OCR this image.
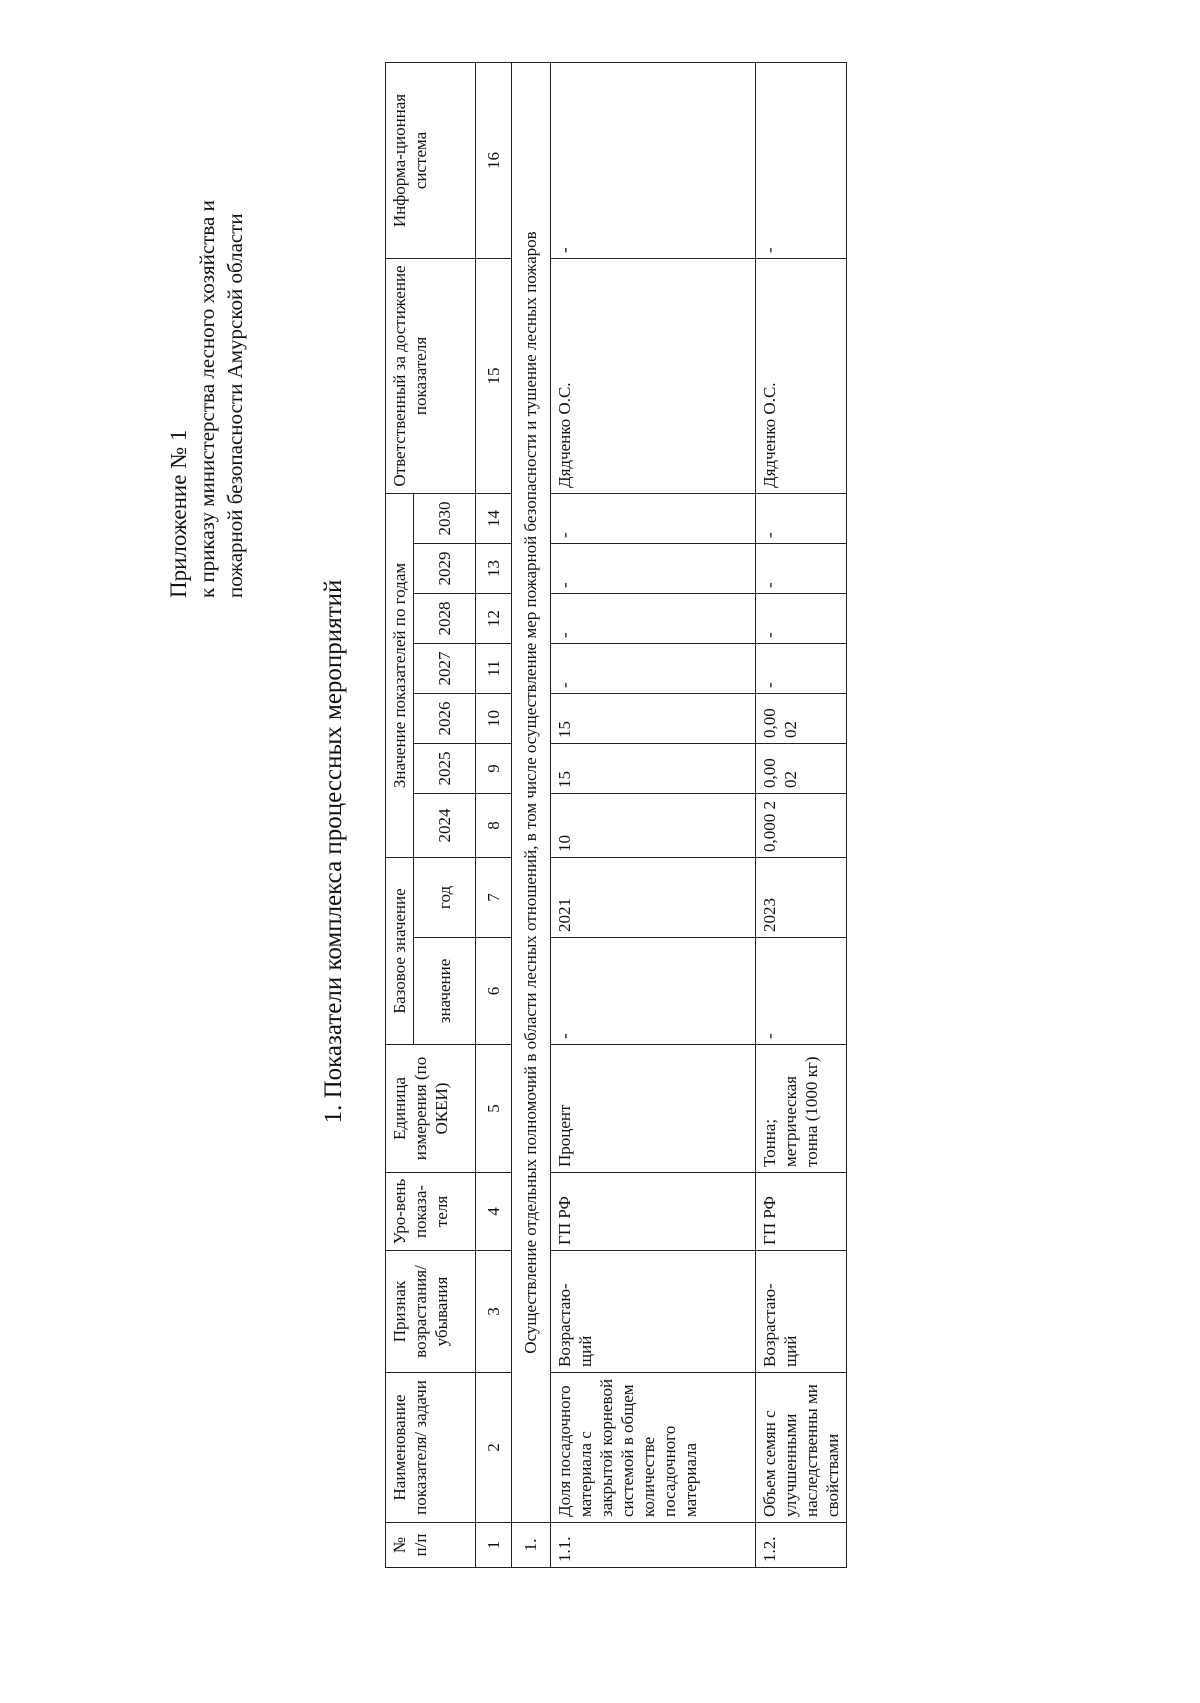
Приложение № 1 к приказу министерства лесного хозяйства и пожарной безопасности Амурской области
1. Показатели комплекса процессных мероприятий
№ п/п	Наименование показателя/ задачи	Признак возрастания/ убывания	Уро-вень показа-теля	Единица измерения (по ОКЕИ)	Базовое значение		Значение показателей по годам							Ответственный за достижение показателя	Информа-ционная система
					значение	год	2024	2025	2026	2027	2028	2029	2030		
1	2	3	4	5	6	7	8	9	10	11	12	13	14	15	16
1.	Осуществление отдельных полномочий в области лесных отношений, в том числе осуществление мер пожарной безопасности и тушение лесных пожаров														
1.1.	Доля посадочного материала с закрытой корневой системой в общем количестве посадочного материала	Возрастаю-щий	ГП РФ	Процент	-	2021	10	15	15	-	-	-	-	Дядченко О.С.	-
1.2.	Объем семян с улучшенными наследственны ми свойствами	Возрастаю-щий	ГП РФ	Тонна; метрическая тонна (1000 кг)	-	2023	0,000 2	0,00 02	0,00 02	-	-	-	-	Дядченко О.С.	-
